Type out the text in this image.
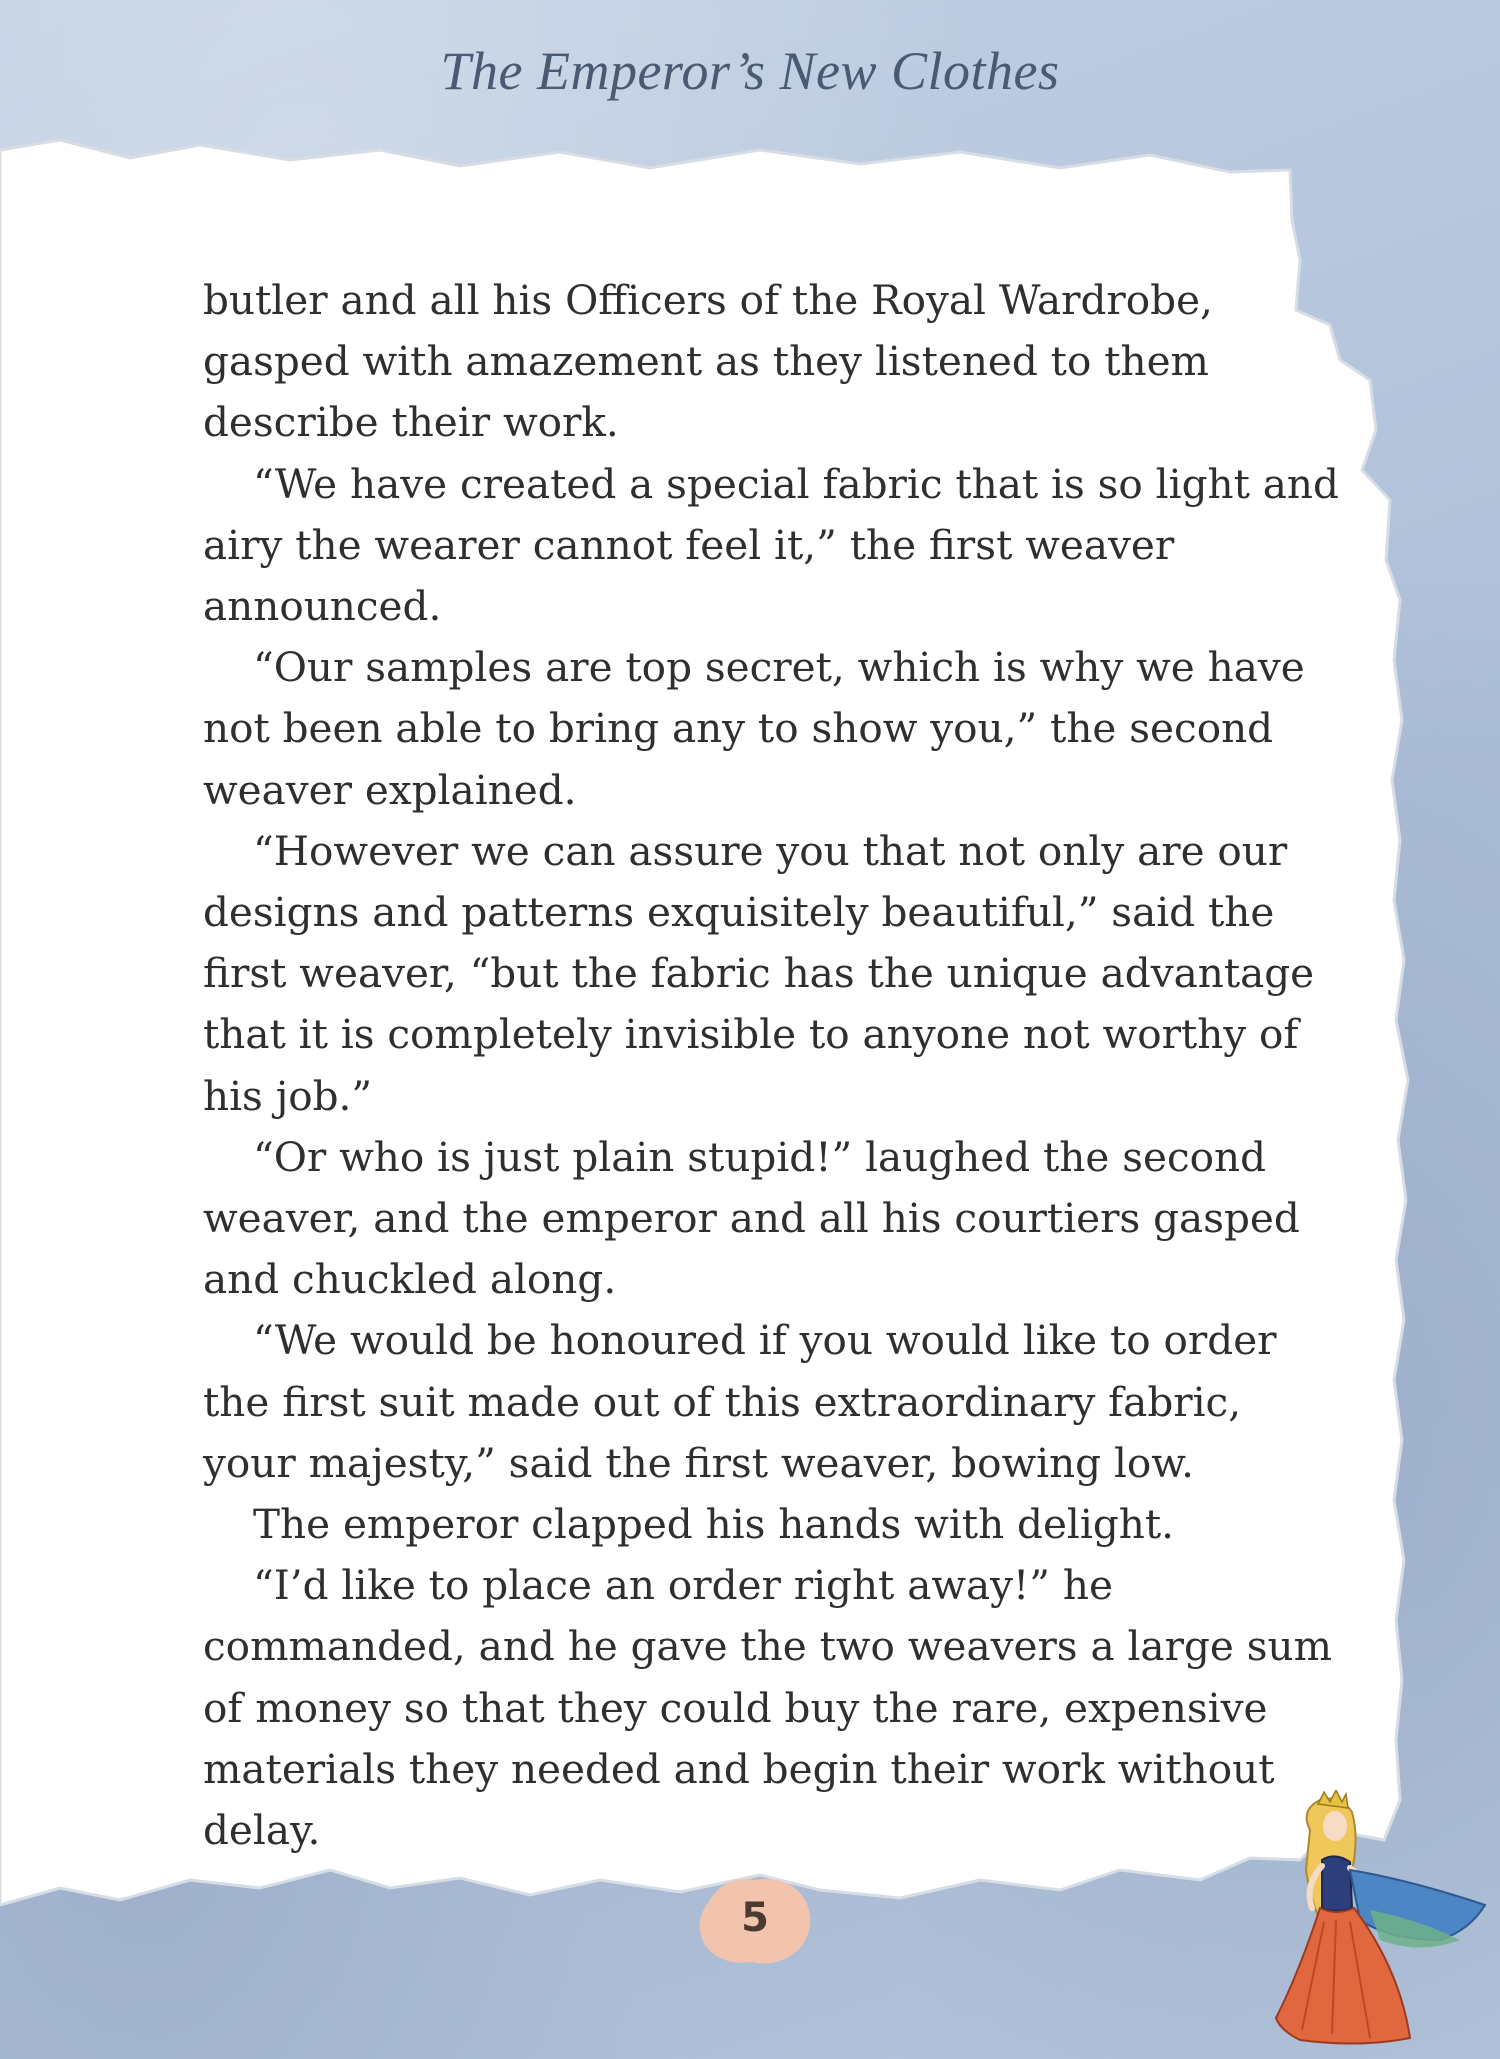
The Emperor’s New Clothes

butler and all his Officers of the Royal Wardrobe, gasped with amazement as they listened to them describe their work.

“We have created a special fabric that is so light and airy the wearer cannot feel it,” the first weaver announced.

“Our samples are top secret, which is why we have not been able to bring any to show you,” the second weaver explained.

“However we can assure you that not only are our designs and patterns exquisitely beautiful,” said the first weaver, “but the fabric has the unique advantage that it is completely invisible to anyone not worthy of his job.”

“Or who is just plain stupid!” laughed the second weaver, and the emperor and all his courtiers gasped and chuckled along.

“We would be honoured if you would like to order the first suit made out of this extraordinary fabric, your majesty,” said the first weaver, bowing low.

The emperor clapped his hands with delight.

“I’d like to place an order right away!” he commanded, and he gave the two weavers a large sum of money so that they could buy the rare, expensive materials they needed and begin their work without delay.

5
